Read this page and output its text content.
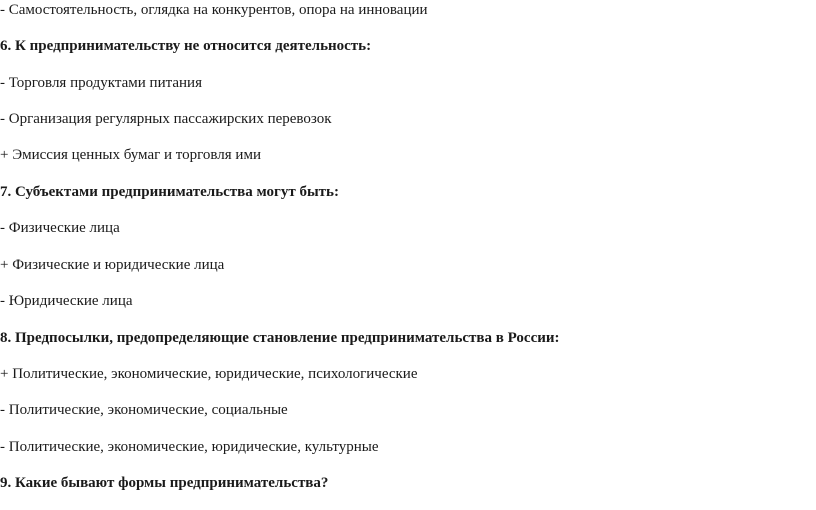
- Самостоятельность, оглядка на конкурентов, опора на инновации
6. К предпринимательству не относится деятельность:
- Торговля продуктами питания
- Организация регулярных пассажирских перевозок
+ Эмиссия ценных бумаг и торговля ими
7. Субъектами предпринимательства могут быть:
- Физические лица
+ Физические и юридические лица
- Юридические лица
8. Предпосылки, предопределяющие становление предпринимательства в России:
+ Политические, экономические, юридические, психологические
- Политические, экономические, социальные
- Политические, экономические, юридические, культурные
9. Какие бывают формы предпринимательства?
